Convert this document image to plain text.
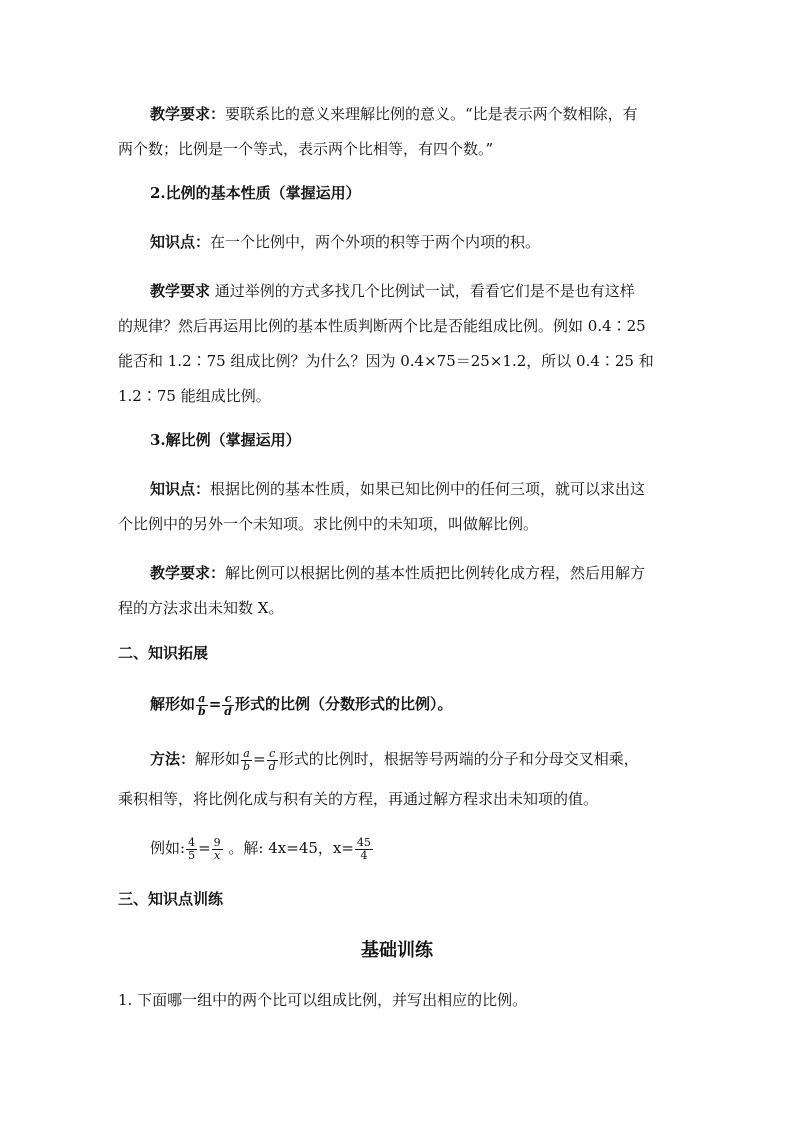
教学要求：要联系比的意义来理解比例的意义。“比是表示两个数相除，有
两个数；比例是一个等式，表示两个比相等，有四个数。”
2.比例的基本性质（掌握运用）
知识点：在一个比例中，两个外项的积等于两个内项的积。
教学要求 通过举例的方式多找几个比例试一试，看看它们是不是也有这样
的规律？然后再运用比例的基本性质判断两个比是否能组成比例。例如 0.4∶25
能否和 1.2∶75 组成比例？为什么？因为 0.4×75＝25×1.2，所以 0.4∶25 和
1.2∶75 能组成比例。
3.解比例（掌握运用）
知识点：根据比例的基本性质，如果已知比例中的任何三项，就可以求出这
个比例中的另外一个未知项。求比例中的未知项，叫做解比例。
教学要求：解比例可以根据比例的基本性质把比例转化成方程，然后用解方
程的方法求出未知数 X。
二、知识拓展
解形如 $\frac{a}{b} = \frac{c}{d}$ 形式的比例（分数形式的比例）。
方法：解形如 $\frac{a}{b} = \frac{c}{d}$ 形式的比例时，根据等号两端的分子和分母交叉相乘，
乘积相等，将比例化成与积有关的方程，再通过解方程求出未知项的值。
例如: $\frac{4}{5} = \frac{9}{x}$ 。解: 4x=45，$x= \frac{45}{4}$
三、知识点训练
基础训练
1. 下面哪一组中的两个比可以组成比例，并写出相应的比例。
